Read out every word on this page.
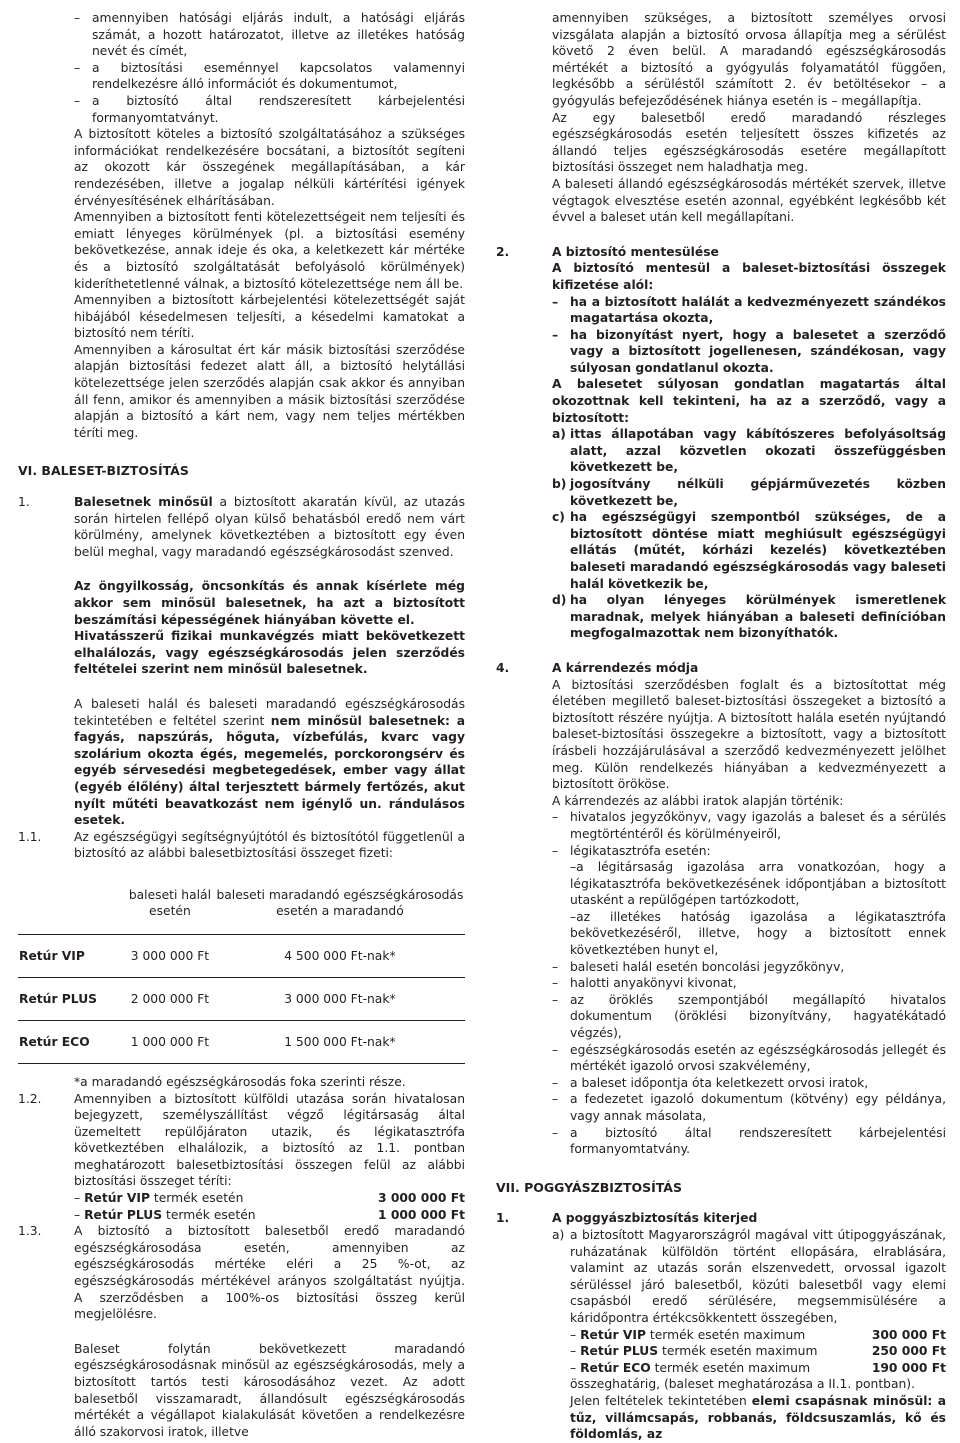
– amennyiben hatósági eljárás indult, a hatósági eljárás számát, a hozott határozatot, illetve az illetékes hatóság nevét és címét,
– a biztosítási eseménnyel kapcsolatos valamennyi rendelkezésre álló információt és dokumentumot,
– a biztosító által rendszeresített kárbejelentési formanyomtatványt.

A biztosított köteles a biztosító szolgáltatásához a szükséges információkat rendelkezésére bocsátani, a biztosítót segíteni az okozott kár összegének megállapításában, a kár rendezésében, illetve a jogalap nélküli kártérítési igények érvényesítésének elhárításában.

Amennyiben a biztosított fenti kötelezettségeit nem teljesíti és emiatt lényeges körülmények (pl. a biztosítási esemény bekövetkezése, annak ideje és oka, a keletkezett kár mértéke és a biztosító szolgáltatását befolyásoló körülmények) kideríthetetlenné válnak, a biztosító kötelezettsége nem áll be.

Amennyiben a biztosított kárbejelentési kötelezettségét saját hibájából késedelmesen teljesíti, a késedelmi kamatokat a biztosító nem téríti.

Amennyiben a károsultat ért kár másik biztosítási szerződése alapján biztosítási fedezet alatt áll, a biztosító helytállási kötelezettsége jelen szerződés alapján csak akkor és annyiban áll fenn, amikor és amennyiben a másik biztosítási szerződése alapján a biztosító a kárt nem, vagy nem teljes mértékben téríti meg.

VI. BALESET-BIZTOSÍTÁS
1.	Balesetnek minősül a biztosított akaratán kívül, az utazás során hirtelen fellépő olyan külső behatásból eredő nem várt körülmény, amelynek következtében a biztosított egy éven belül meghal, vagy maradandó egészségkárosodást szenved.

Az öngyilkosság, öncsonkítás és annak kísérlete még akkor sem minősül balesetnek, ha azt a biztosított beszámítási képességének hiányában követte el.

Hivatásszerű fizikai munkavégzés miatt bekövetkezett elhalálozás, vagy egészségkárosodás jelen szerződés feltételei szerint nem minősül balesetnek.

A baleseti halál és baleseti maradandó egészségkárosodás tekintetében e feltétel szerint nem minősül balesetnek: a fagyás, napszúrás, hőguta, vízbefúlás, kvarc vagy szolárium okozta égés, megemelés, porckorongsérv és egyéb sérvesedési megbetegedések, ember vagy állat (egyéb élőlény) által terjesztett bármely fertőzés, akut nyílt műtéti beavatkozást nem igénylő un. rándulásos esetek.

1.1.	Az egészségügyi segítségnyújtótól és biztosítótól függetlenül a biztosító az alábbi balesetbiztosítási összeget fizeti:
	baleseti halál esetén	baleseti maradandó egészségkárosodás esetén a maradandó
Retúr VIP	3 000 000 Ft	4 500 000 Ft-nak*
Retúr PLUS	2 000 000 Ft	3 000 000 Ft-nak*
Retúr ECO	1 000 000 Ft	1 500 000 Ft-nak*

*a maradandó egészségkárosodás foka szerinti része.

1.2.	Amennyiben a biztosított külföldi utazása során hivatalosan bejegyzett, személyszállítást végző légitársaság által üzemeltett repülőjáraton utazik, és légikatasztrófa következtében elhalálozik, a biztosító az 1.1. pontban meghatározott balesetbiztosítási összegen felül az alábbi biztosítási összeget téríti:
– Retúr VIP termék esetén	3 000 000 Ft
– Retúr PLUS termék esetén	1 000 000 Ft
1.3.	A biztosító a biztosított balesetből eredő maradandó egészségkárosodása esetén, amennyiben az egészségkárosodás mértéke eléri a 25 %-ot, az egészségkárosodás mértékével arányos szolgáltatást nyújtja. A szerződésben a 100%-os biztosítási összeg kerül megjelölésre.

Baleset folytán bekövetkezett maradandó egészségkárosodásnak minősül az egészségkárosodás, mely a biztosított tartós testi károsodásához vezet. Az adott balesetből visszamaradt, állandósult egészségkárosodás mértékét a végállapot kialakulását követően a rendelkezésre álló szakorvosi iratok, illetve

amennyiben szükséges, a biztosított személyes orvosi vizsgálata alapján a biztosító orvosa állapítja meg a sérülést követő 2 éven belül. A maradandó egészségkárosodás mértékét a biztosító a gyógyulás folyamatától függően, legkésőbb a sérüléstől számított 2. év betöltésekor – a gyógyulás befejeződésének hiánya esetén is – megállapítja.

Az egy balesetből eredő maradandó részleges egészségkárosodás esetén teljesített összes kifizetés az állandó teljes egészségkárosodás esetére megállapított biztosítási összeget nem haladhatja meg.

A baleseti állandó egészségkárosodás mértékét szervek, illetve végtagok elvesztése esetén azonnal, egyébként legkésőbb két évvel a baleset után kell megállapítani.

2.	A biztosító mentesülése

A biztosító mentesül a baleset-biztosítási összegek kifizetése alól:

– ha a biztosított halálát a kedvezményezett szándékos magatartása okozta,
– ha bizonyítást nyert, hogy a balesetet a szerződő vagy a biztosított jogellenesen, szándékosan, vagy súlyosan gondatlanul okozta.

A balesetet súlyosan gondatlan magatartás által okozottnak kell tekinteni, ha az a szerződő, vagy a biztosított:

a) ittas állapotában vagy kábítószeres befolyásoltság alatt, azzal közvetlen okozati összefüggésben következett be,
b) jogosítvány nélküli gépjárművezetés közben következett be,
c) ha egészségügyi szempontból szükséges, de a biztosított döntése miatt meghiúsult egészségügyi ellátás (műtét, kórházi kezelés) következtében baleseti maradandó egészségkárosodás vagy baleseti halál következik be,
d) ha olyan lényeges körülmények ismeretlenek maradnak, melyek hiányában a baleseti definícióban megfogalmazottak nem bizonyíthatók.
4.	A kárrendezés módja

A biztosítási szerződésben foglalt és a biztosítottat még életében megillető baleset-biztosítási összegeket a biztosító a biztosított részére nyújtja. A biztosított halála esetén nyújtandó baleset-biztosítási összegekre a biztosított, vagy a biztosított írásbeli hozzájárulásával a szerződő kedvezményezett jelölhet meg. Külön rendelkezés hiányában a kedvezményezett a biztosított örököse.

A kárrendezés az alábbi iratok alapján történik:

– hivatalos jegyzőkönyv, vagy igazolás a baleset és a sérülés megtörténtéről és körülményeiről,
– légikatasztrófa esetén:

–a légitársaság igazolása arra vonatkozóan, hogy a légikatasztrófa bekövetkezésének időpontjában a biztosított utasként a repülőgépen tartózkodott,

–az illetékes hatóság igazolása a légikatasztrófa bekövetkezéséről, illetve, hogy a biztosított ennek következtében hunyt el,

– baleseti halál esetén boncolási jegyzőkönyv,
– halotti anyakönyvi kivonat,
– az öröklés szempontjából megállapító hivatalos dokumentum (öröklési bizonyítvány, hagyatékátadó végzés),
– egészségkárosodás esetén az egészségkárosodás jellegét és mértékét igazoló orvosi szakvélemény,
– a baleset időpontja óta keletkezett orvosi iratok,
– a fedezetet igazoló dokumentum (kötvény) egy példánya, vagy annak másolata,
– a biztosító által rendszeresített kárbejelentési formanyomtatvány.
VII. POGGYÁSZBIZTOSÍTÁS
1.	A poggyászbiztosítás kiterjed
a) a biztosított Magyarországról magával vitt útipoggyászának, ruházatának külföldön történt ellopására, elrablására, valamint az utazás során elszenvedett, orvossal igazolt sérüléssel járó balesetből, közúti balesetből vagy elemi csapásból eredő sérülésére, megsemmisülésére a káridőpontra értékcsökkentett összegében,
– Retúr VIP termék esetén maximum	300 000 Ft
– Retúr PLUS termék esetén maximum	250 000 Ft
– Retúr ECO termék esetén maximum	190 000 Ft

összeghatárig, (baleset meghatározása a II.1. pontban).

Jelen feltételek tekintetében elemi csapásnak minősül: a tűz, villámcsapás, robbanás, földcsuszamlás, kő és földomlás, az
